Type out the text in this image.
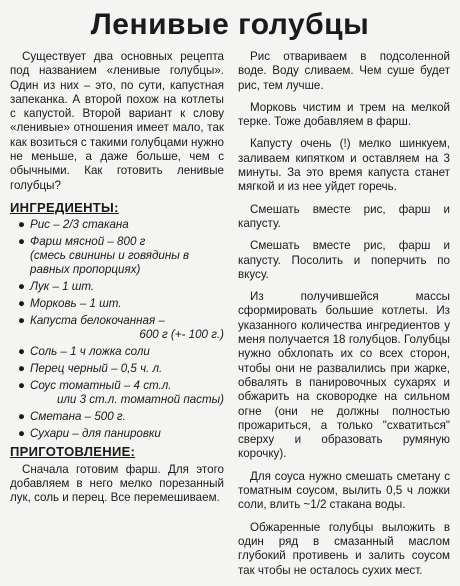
Ленивые голубцы

Существует два основных рецепта под названием «ленивые голубцы». Один из них – это, по сути, капустная запеканка. А второй похож на котлеты с капустой. Второй вариант к слову «ленивые» отношения имеет мало, так как возиться с такими голубцами нужно не меньше, а даже больше, чем с обычными. Как готовить ленивые голубцы?

ИНГРЕДИЕНТЫ:
● Рис – 2/3 стакана
● Фарш мясной – 800 г
(смесь свинины и говядины в равных пропорциях)
● Лук – 1 шт.
● Морковь – 1 шт.
● Капуста белокочанная –
600 г (+- 100 г.)
● Соль – 1 ч ложка соли
● Перец черный – 0,5 ч. л.
● Соус томатный – 4 ст.л.
или 3 ст.л. томатной пасты)
● Сметана – 500 г.
● Сухари – для панировки
ПРИГОТОВЛЕНИЕ:

Сначала готовим фарш. Для этого добавляем в него мелко порезанный лук, соль и перец. Все перемешиваем.

Рис отвариваем в подсоленной воде. Воду сливаем. Чем суше будет рис, тем лучше.

Морковь чистим и трем на мелкой терке. Тоже добавляем в фарш.

Капусту очень (!) мелко шинкуем, заливаем кипятком и оставляем на 3 минуты. За это время капуста станет мягкой и из нее уйдет горечь.

Смешать вместе рис, фарш и капусту.

Смешать вместе рис, фарш и капусту. Посолить и поперчить по вкусу.

Из получившейся массы сформировать большие котлеты. Из указанного количества ингредиентов у меня получается 18 голубцов. Голубцы нужно обхлопать их со всех сторон, чтобы они не развалились при жарке, обвалять в панировочных сухарях и обжарить на сковородке на сильном огне (они не должны полностью прожариться, а только "схватиться" сверху и образовать румяную корочку).

Для соуса нужно смешать сметану с томатным соусом, вылить 0,5 ч ложки соли, влить ~1/2 стакана воды.

Обжаренные голубцы выложить в один ряд в смазанный маслом глубокий противень и залить соусом так чтобы не осталось сухих мест.
